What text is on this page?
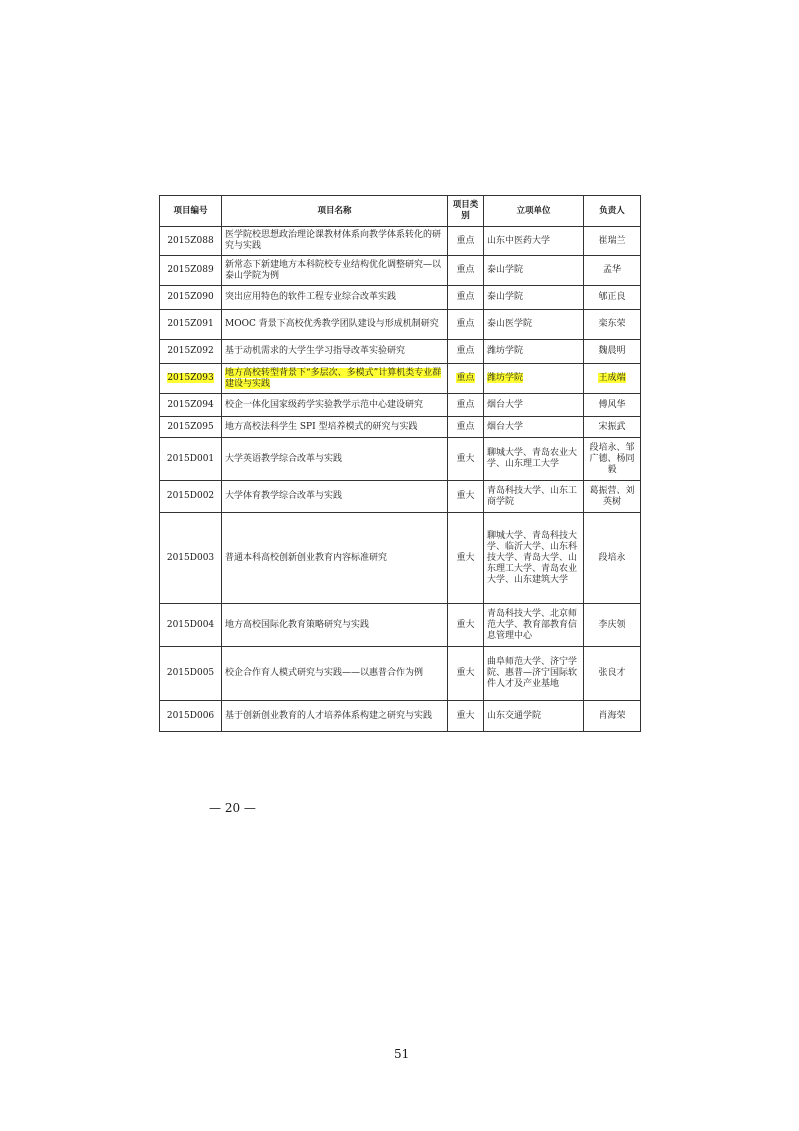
项目编号	项目名称	项目类别	立项单位	负责人
2015Z088	医学院校思想政治理论课教材体系向教学体系转化的研究与实践	重点	山东中医药大学	崔瑞兰
2015Z089	新常态下新建地方本科院校专业结构优化调整研究—以泰山学院为例	重点	泰山学院	孟华
2015Z090	突出应用特色的软件工程专业综合改革实践	重点	泰山学院	郇正良
2015Z091	MOOC 背景下高校优秀教学团队建设与形成机制研究	重点	泰山医学院	栾东荣
2015Z092	基于动机需求的大学生学习指导改革实验研究	重点	潍坊学院	魏晨明
2015Z093	地方高校转型背景下“多层次、多模式”计算机类专业群建设与实践	重点	潍坊学院	王成端
2015Z094	校企一体化国家级药学实验教学示范中心建设研究	重点	烟台大学	傅风华
2015Z095	地方高校法科学生 SPI 型培养模式的研究与实践	重点	烟台大学	宋振武
2015D001	大学英语教学综合改革与实践	重大	聊城大学、青岛农业大学、山东理工大学	段培永、邹广德、杨同毅
2015D002	大学体育教学综合改革与实践	重大	青岛科技大学、山东工商学院	葛振营、刘英树
2015D003	普通本科高校创新创业教育内容标准研究	重大	聊城大学、青岛科技大学、临沂大学、山东科技大学、青岛大学、山东理工大学、青岛农业大学、山东建筑大学	段培永
2015D004	地方高校国际化教育策略研究与实践	重大	青岛科技大学、北京师范大学、教育部教育信息管理中心	李庆领
2015D005	校企合作育人模式研究与实践——以惠普合作为例	重大	曲阜师范大学、济宁学院、惠普—济宁国际软件人才及产业基地	张良才
2015D006	基于创新创业教育的人才培养体系构建之研究与实践	重大	山东交通学院	肖海荣
— 20 —
51
